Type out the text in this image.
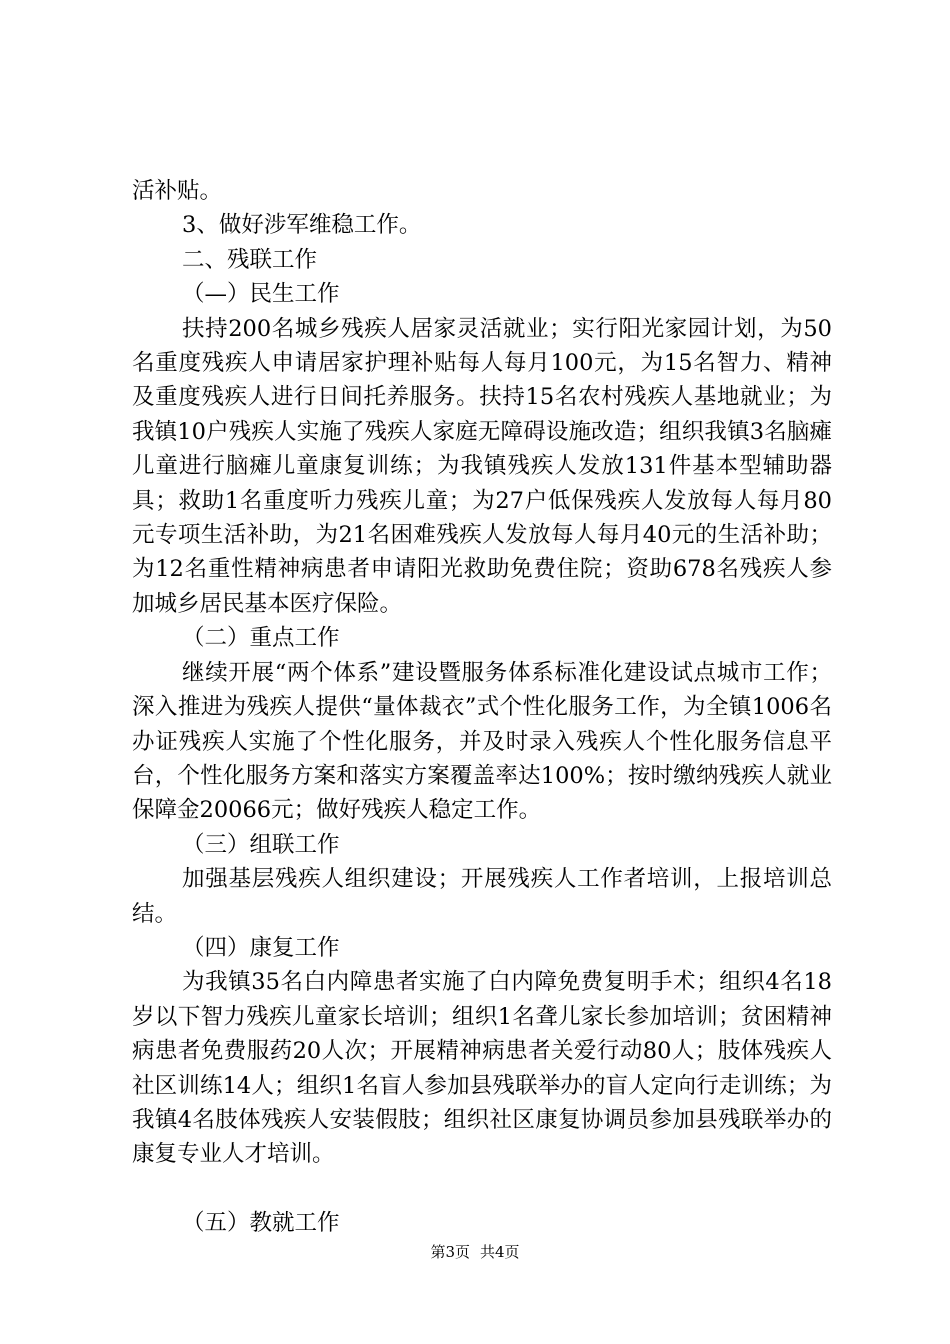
活补贴。

3、做好涉军维稳工作。

二、残联工作

（—）民生工作

扶持200名城乡残疾人居家灵活就业；实行阳光家园计划，为50名重度残疾人申请居家护理补贴每人每月100元，为15名智力、精神及重度残疾人进行日间托养服务。扶持15名农村残疾人基地就业；为我镇10户残疾人实施了残疾人家庭无障碍设施改造；组织我镇3名脑瘫儿童进行脑瘫儿童康复训练；为我镇残疾人发放131件基本型辅助器具；救助1名重度听力残疾儿童；为27户低保残疾人发放每人每月80元专项生活补助，为21名困难残疾人发放每人每月40元的生活补助；为12名重性精神病患者申请阳光救助免费住院；资助678名残疾人参加城乡居民基本医疗保险。

（二）重点工作

继续开展“两个体系”建设暨服务体系标准化建设试点城市工作；深入推进为残疾人提供“量体裁衣”式个性化服务工作，为全镇1006名办证残疾人实施了个性化服务，并及时录入残疾人个性化服务信息平台，个性化服务方案和落实方案覆盖率达100%；按时缴纳残疾人就业保障金20066元；做好残疾人稳定工作。

（三）组联工作

加强基层残疾人组织建设；开展残疾人工作者培训，上报培训总结。

（四）康复工作

为我镇35名白内障患者实施了白内障免费复明手术；组织4名18岁以下智力残疾儿童家长培训；组织1名聋儿家长参加培训；贫困精神病患者免费服药20人次；开展精神病患者关爱行动80人；肢体残疾人社区训练14人；组织1名盲人参加县残联举办的盲人定向行走训练；为我镇4名肢体残疾人安装假肢；组织社区康复协调员参加县残联举办的康复专业人才培训。

（五）教就工作

第3页 共4页
